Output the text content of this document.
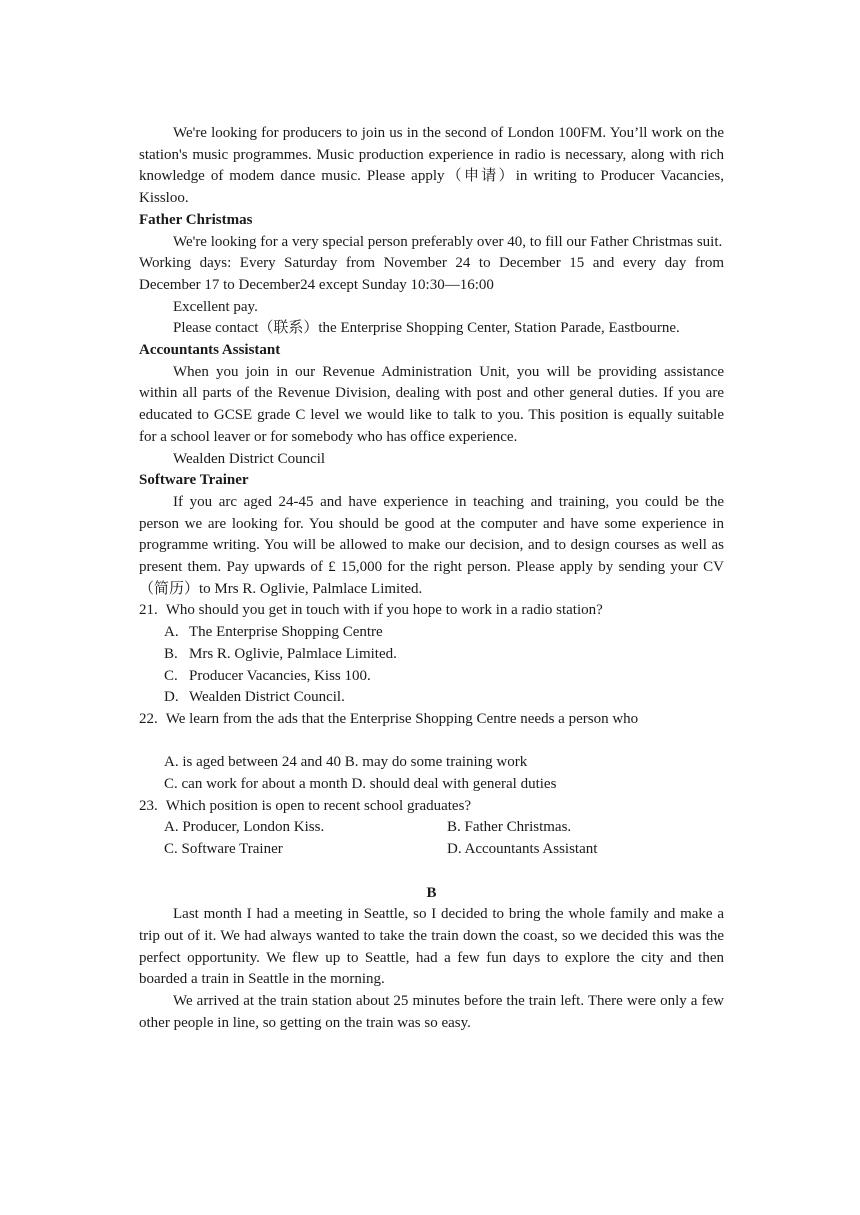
We're looking for producers to join us in the second of London 100FM. You’ll work on the station's music programmes. Music production experience in radio is necessary, along with rich knowledge of modem dance music. Please apply（申请）in writing to Producer Vacancies, Kissloo.

Father Christmas

We're looking for a very special person preferably over 40, to fill our Father Christmas suit.

Working days: Every Saturday from November 24 to December 15 and every day from December 17 to December24 except Sunday 10:30—16:00

Excellent pay.

Please contact（联系）the Enterprise Shopping Center, Station Parade, Eastbourne.

Accountants Assistant

When you join in our Revenue Administration Unit, you will be providing assistance within all parts of the Revenue Division, dealing with post and other general duties. If you are educated to GCSE grade C level we would like to talk to you. This position is equally suitable for a school leaver or for somebody who has office experience.

Wealden District Council

Software Trainer

If you arc aged 24-45 and have experience in teaching and training, you could be the person we are looking for. You should be good at the computer and have some experience in programme writing. You will be allowed to make our decision, and to design courses as well as present them. Pay upwards of £ 15,000 for the right person. Please apply by sending your CV （简历）to Mrs R. Oglivie, Palmlace Limited.

21. Who should you get in touch with if you hope to work in a radio station?
A. The Enterprise Shopping Centre
B. Mrs R. Oglivie, Palmlace Limited.
C. Producer Vacancies, Kiss 100.
D. Wealden District Council.
22. We learn from the ads that the Enterprise Shopping Centre needs a person who

A. is aged between 24 and 40 B. may do some training work

C. can work for about a month D. should deal with general duties

23. Which position is open to recent school graduates?
A. Producer, London Kiss.	B. Father Christmas.
C. Software Trainer	D. Accountants Assistant

B

Last month I had a meeting in Seattle, so I decided to bring the whole family and make a trip out of it. We had always wanted to take the train down the coast, so we decided this was the perfect opportunity. We flew up to Seattle, had a few fun days to explore the city and then boarded a train in Seattle in the morning.

We arrived at the train station about 25 minutes before the train left. There were only a few other people in line, so getting on the train was so easy.
